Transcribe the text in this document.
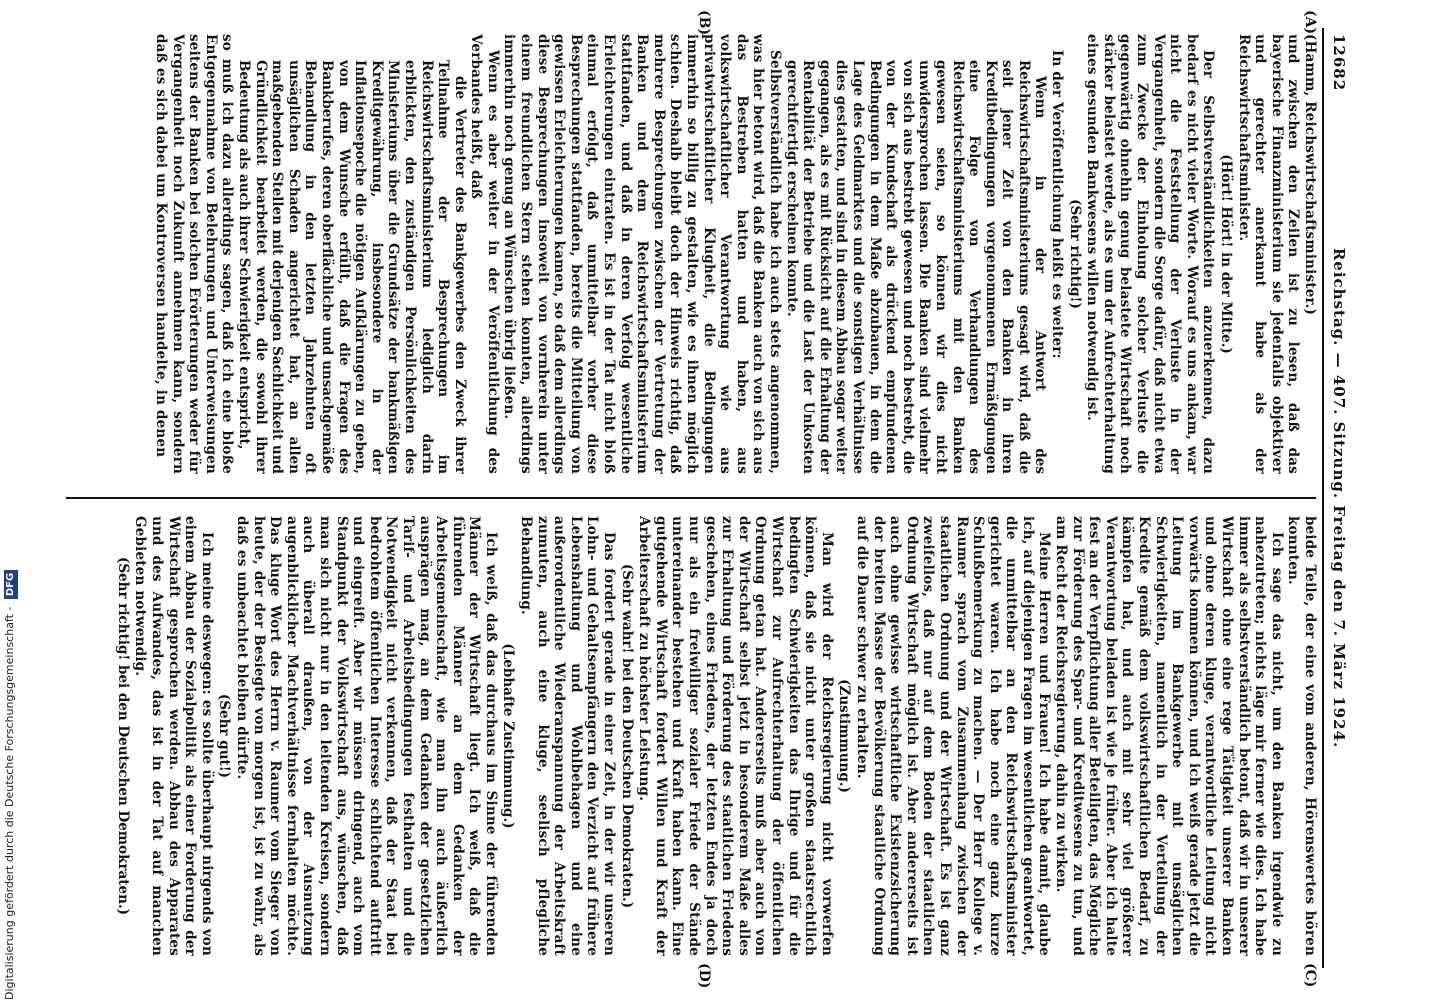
12682
Reichstag. — 407. Sitzung. Freitag den 7. März 1924.
(A)
(B)
(C)
(D)

(Hamm, Reichswirtschaftsminister.)

und zwischen den Zeilen ist zu lesen, daß das bayerische Finanzministerium sie jedenfalls objektiver und gerechter anerkannt habe als der Reichswirtschaftsminister.

(Hört! Hört! in der Mitte.)

Der Selbstverständlichkeiten anzuerkennen, dazu bedarf es nicht vieler Worte. Worauf es uns ankam, war nicht die Feststellung der Verluste in der Vergangenheit, sondern die Sorge dafür, daß nicht etwa zum Zwecke der Einholung solcher Verluste die gegenwärtig ohnehin genug belastete Wirtschaft noch stärker belastet werde, als es um der Aufrechterhaltung eines gesunden Bankwesens willen notwendig ist.

(Sehr richtig!)

In der Veröffentlichung heißt es weiter:

Wenn in der Antwort des Reichswirtschaftsministeriums gesagt wird, daß die seit jener Zeit von den Banken in ihren Kreditbedingungen vorgenommenen Ermäßigungen eine Folge von Verhandlungen des Reichswirtschaftsministeriums mit den Banken gewesen seien, so können wir dies nicht unwidersprochen lassen. Die Banken sind vielmehr von sich aus bestrebt gewesen und noch bestrebt, die von der Kundschaft als drückend empfundenen Bedingungen in dem Maße abzubauen, in dem die Lage des Geldmarktes und die sonstigen Verhältnisse dies gestatten, und sind in diesem Abbau sogar weiter gegangen, als es mit Rücksicht auf die Erhaltung der Rentabilität der Betriebe und die Last der Unkosten gerechtfertigt erscheinen konnte.

Selbstverständlich habe ich auch stets angenommen, was hier betont wird, daß die Banken auch von sich aus das Bestreben hatten und haben, aus volkswirtschaftlicher Verantwortung wie aus privatwirtschaftlicher Klugheit, die Bedingungen immerhin so billig zu gestalten, wie es ihnen möglich schien. Deshalb bleibt doch der Hinweis richtig, daß mehrere Besprechungen zwischen der Vertretung der Banken und dem Reichswirtschaftsministerium stattfanden, und daß in deren Verfolg wesentliche Erleichterungen eintraten. Es ist in der Tat nicht bloß einmal erfolgt, daß unmittelbar vorher diese Besprechungen stattfanden, bereits die Mitteilung von gewissen Erleichterungen kamen, so daß dem allerdings diese Besprechungen insoweit von vornherein unter einem freundlichen Stern stehen konnten, allerdings immerhin noch genug an Wünschen übrig ließen.

Wenn es aber weiter in der Veröffentlichung des Verbandes heißt, daß

die Vertreter des Bankgewerbes den Zweck ihrer Teilnahme der Besprechungen im Reichswirtschaftsministerium lediglich darin erblickten, den zuständigen Persönlichkeiten des Ministeriums über die Grundsätze der bankmäßigen Kreditgewährung, insbesondere in der Inflationsepoche die nötigen Aufklärungen zu geben, von dem Wunsche erfüllt, daß die Fragen des Bankberufes, deren oberflächliche und unsachgemäße Behandlung in den letzten Jahrzehnten oft unsäglichen Schaden angerichtet hat, an allen maßgebenden Stellen mit derjenigen Sachlichkeit und Gründlichkeit bearbeitet werden, die sowohl ihrer Bedeutung als auch ihrer Schwierigkeit entspricht,

so muß ich dazu allerdings sagen, daß ich eine bloße Entgegennahme von Belehrungen und Unterweisungen seitens der Banken bei solchen Erörterungen weder für Vergangenheit noch Zukunft annehmen kann, sondern daß es sich dabei um Kontroversen handelte, in denen

beide Teile, der eine vom anderen, Hörenswertes hören konnten.

Ich sage das nicht, um den Banken irgendwie zu nahezutreten; nichts läge mir ferner wie dies. Ich habe immer als selbstverständlich betont, daß wir in unserer Wirtschaft ohne eine rege Tätigkeit unserer Banken und ohne deren kluge, verantwortliche Leitung nicht vorwärts kommen können, und ich weiß gerade jetzt die Leitung im Bankgewerbe mit unsäglichen Schwierigkeiten, namentlich in der Verteilung der Kredite gemäß dem volkswirtschaftlichen Bedarf, zu kämpfen hat, und auch mit sehr viel größerer Verantwortung beladen ist wie je früher. Aber ich halte fest an der Verpflichtung aller Beteiligten, das Mögliche zur Förderung des Spar- und Kreditwesens zu tun, und am Recht der Reichsregierung, dahin zu wirken.

Meine Herren und Frauen! Ich habe damit, glaube ich, auf diejenigen Fragen im wesentlichen geantwortet, die unmittelbar an den Reichswirtschaftsminister gerichtet waren. Ich habe noch eine ganz kurze Schlußbemerkung zu machen. — Der Herr Kollege v. Raumer sprach vom Zusammenhang zwischen der staatlichen Ordnung und der Wirtschaft. Es ist ganz zweifellos, daß nur auf dem Boden der staatlichen Ordnung Wirtschaft möglich ist. Aber andererseits ist auch ohne gewisse wirtschaftliche Existenzsicherung der breiten Masse der Bevölkerung staatliche Ordnung auf die Dauer schwer zu erhalten.

(Zustimmung.)

Man wird der Reichsregierung nicht vorwerfen können, daß sie nicht unter großen staatsrechtlich bedingten Schwierigkeiten das Ihrige und für die Wirtschaft zur Aufrechterhaltung der öffentlichen Ordnung getan hat. Andererseits muß aber auch von der Wirtschaft selbst jetzt in besonderem Maße alles zur Erhaltung und Förderung des staatlichen Friedens geschehen, eines Friedens, der letzten Endes ja doch nur als ein freiwilliger sozialer Friede der Stände untereinander bestehen und Kraft haben kann. Eine gutgehende Wirtschaft fordert Willen und Kraft der Arbeiterschaft zu höchster Leistung.

(Sehr wahr! bei den Deutschen Demokraten.)

Das fordert gerade in einer Zeit, in der wir unseren Lohn- und Gehaltsempfängern den Verzicht auf frühere Lebenshaltung und Wohlbehagen und eine außerordentliche Wiederanspannung der Arbeitskraft zumuten, auch eine kluge, seelisch pflegliche Behandlung.

(Lebhafte Zustimmung.)

Ich weiß, daß das durchaus im Sinne der führenden Männer der Wirtschaft liegt. Ich weiß, daß die führenden Männer an dem Gedanken der Arbeitsgemeinschaft, wie man ihn auch äußerlich ausprägen mag, an dem Gedanken der gesetzlichen Tarif- und Arbeitsbedingungen festhalten und die Notwendigkeit nicht verkennen, daß der Staat bei bedrohtem öffentlichen Interesse schlichtend auftritt und eingreift. Aber wir müssen dringend, auch vom Standpunkt der Volkswirtschaft aus, wünschen, daß man sich nicht nur in den leitenden Kreisen, sondern auch überall draußen, von der Ausnutzung augenblicklicher Machtverhältnisse fernhalten möchte. Das kluge Wort des Herrn v. Raumer vom Sieger von heute, der der Besiegte von morgen ist, ist zu wahr, als daß es unbeachtet bleiben dürfte.

(Sehr gut!)

Ich meine deswegen: es sollte überhaupt nirgends von einem Abbau der Sozialpolitik als einer Forderung der Wirtschaft gesprochen werden. Abbau des Apparates und des Aufwandes, das ist in der Tat auf manchen Gebieten notwendig.

(Sehr richtig! bei den Deutschen Demokraten.)

Digitalisierung gefördert durch die Deutsche Forschungsgemeinschaft - DFG
